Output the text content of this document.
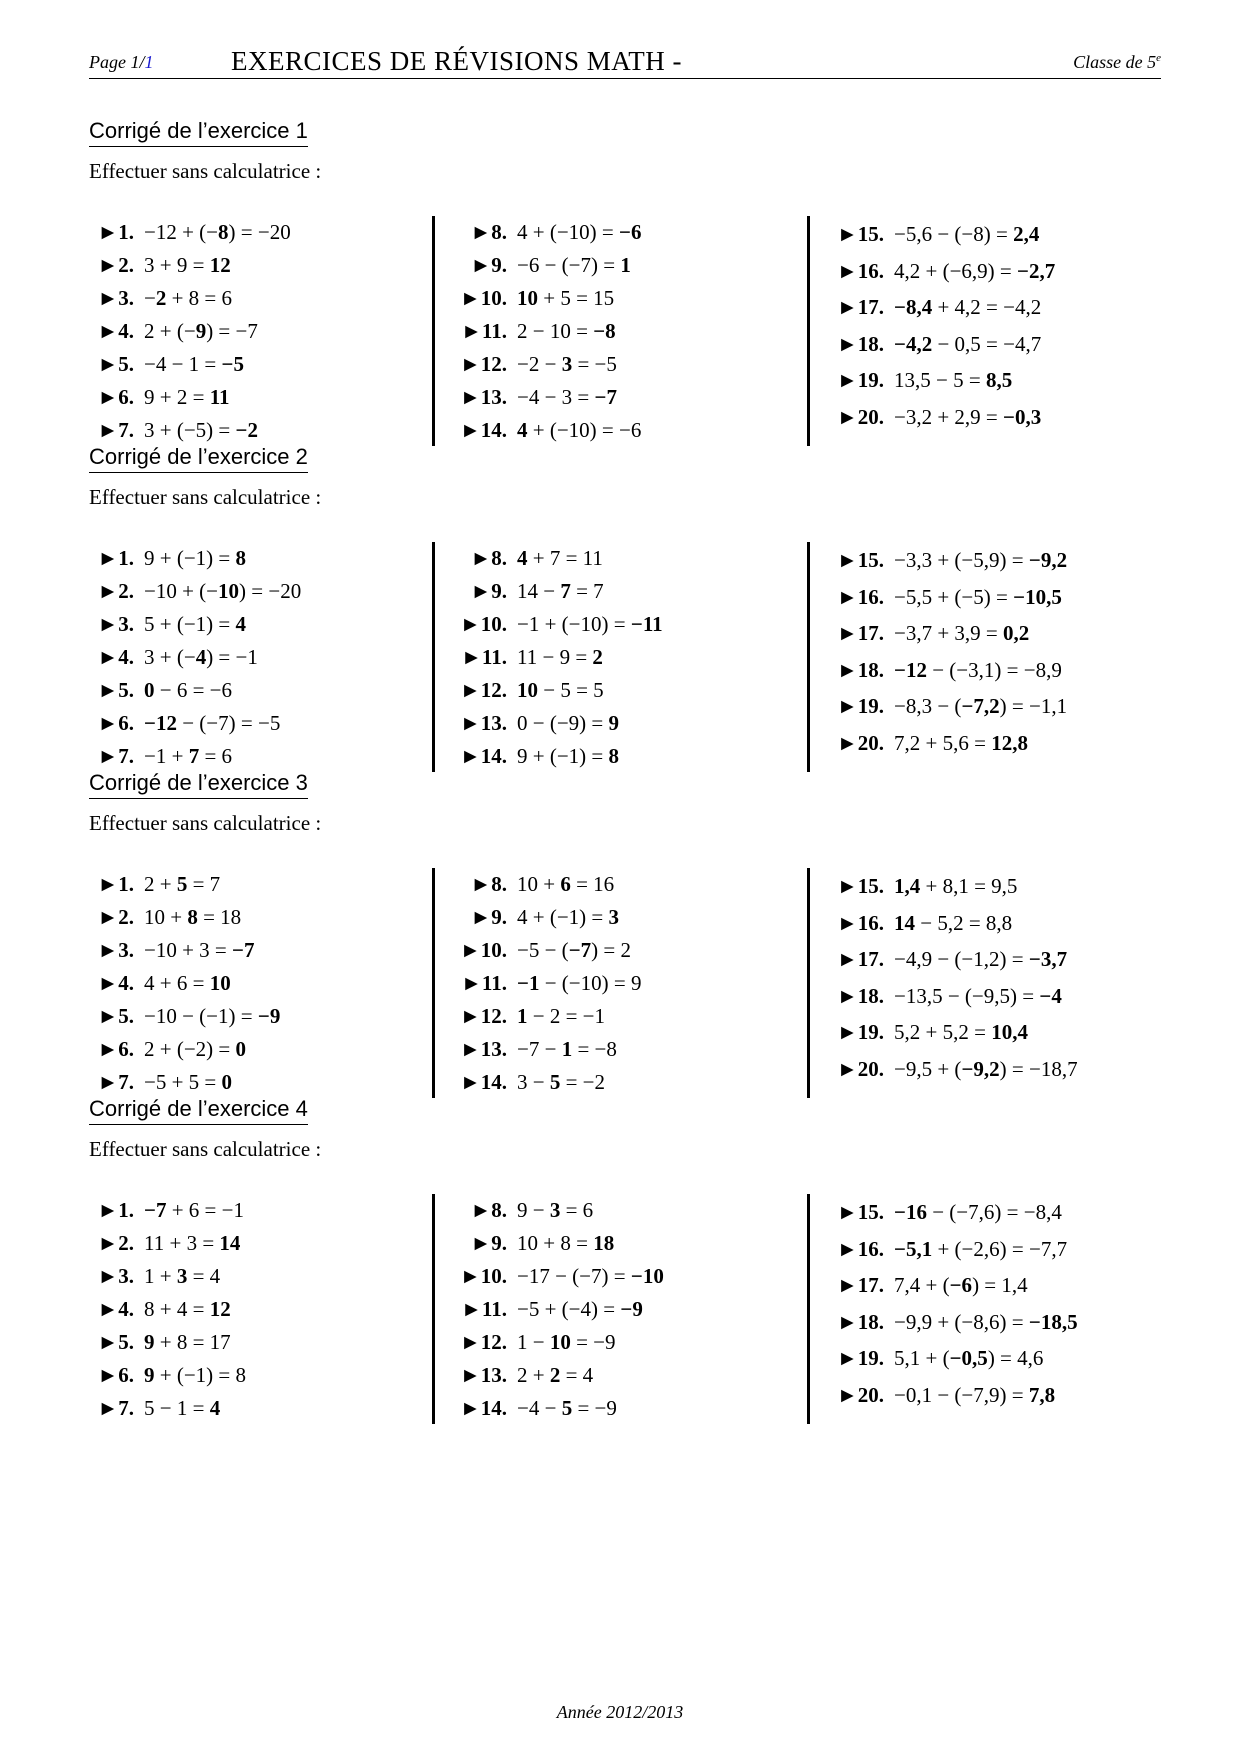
Page 1/1	EXERCICES DE RÉVISIONS MATH -	Classe de 5e
Corrigé de l’exercice 1
Effectuer sans calculatrice :
►1. −12 + (−8) = −20
►2. 3 + 9 = 12
►3. −2 + 8 = 6
►4. 2 + (−9) = −7
►5. −4 − 1 = −5
►6. 9 + 2 = 11
►7. 3 + (−5) = −2
►8. 4 + (−10) = −6
►9. −6 − (−7) = 1
►10. 10 + 5 = 15
►11. 2 − 10 = −8
►12. −2 − 3 = −5
►13. −4 − 3 = −7
►14. 4 + (−10) = −6
►15. −5,6 − (−8) = 2,4
►16. 4,2 + (−6,9) = −2,7
►17. −8,4 + 4,2 = −4,2
►18. −4,2 − 0,5 = −4,7
►19. 13,5 − 5 = 8,5
►20. −3,2 + 2,9 = −0,3
Corrigé de l’exercice 2
Effectuer sans calculatrice :
►1. 9 + (−1) = 8
►2. −10 + (−10) = −20
►3. 5 + (−1) = 4
►4. 3 + (−4) = −1
►5. 0 − 6 = −6
►6. −12 − (−7) = −5
►7. −1 + 7 = 6
►8. 4 + 7 = 11
►9. 14 − 7 = 7
►10. −1 + (−10) = −11
►11. 11 − 9 = 2
►12. 10 − 5 = 5
►13. 0 − (−9) = 9
►14. 9 + (−1) = 8
►15. −3,3 + (−5,9) = −9,2
►16. −5,5 + (−5) = −10,5
►17. −3,7 + 3,9 = 0,2
►18. −12 − (−3,1) = −8,9
►19. −8,3 − (−7,2) = −1,1
►20. 7,2 + 5,6 = 12,8
Corrigé de l’exercice 3
Effectuer sans calculatrice :
►1. 2 + 5 = 7
►2. 10 + 8 = 18
►3. −10 + 3 = −7
►4. 4 + 6 = 10
►5. −10 − (−1) = −9
►6. 2 + (−2) = 0
►7. −5 + 5 = 0
►8. 10 + 6 = 16
►9. 4 + (−1) = 3
►10. −5 − (−7) = 2
►11. −1 − (−10) = 9
►12. 1 − 2 = −1
►13. −7 − 1 = −8
►14. 3 − 5 = −2
►15. 1,4 + 8,1 = 9,5
►16. 14 − 5,2 = 8,8
►17. −4,9 − (−1,2) = −3,7
►18. −13,5 − (−9,5) = −4
►19. 5,2 + 5,2 = 10,4
►20. −9,5 + (−9,2) = −18,7
Corrigé de l’exercice 4
Effectuer sans calculatrice :
►1. −7 + 6 = −1
►2. 11 + 3 = 14
►3. 1 + 3 = 4
►4. 8 + 4 = 12
►5. 9 + 8 = 17
►6. 9 + (−1) = 8
►7. 5 − 1 = 4
►8. 9 − 3 = 6
►9. 10 + 8 = 18
►10. −17 − (−7) = −10
►11. −5 + (−4) = −9
►12. 1 − 10 = −9
►13. 2 + 2 = 4
►14. −4 − 5 = −9
►15. −16 − (−7,6) = −8,4
►16. −5,1 + (−2,6) = −7,7
►17. 7,4 + (−6) = 1,4
►18. −9,9 + (−8,6) = −18,5
►19. 5,1 + (−0,5) = 4,6
►20. −0,1 − (−7,9) = 7,8
Année 2012/2013
